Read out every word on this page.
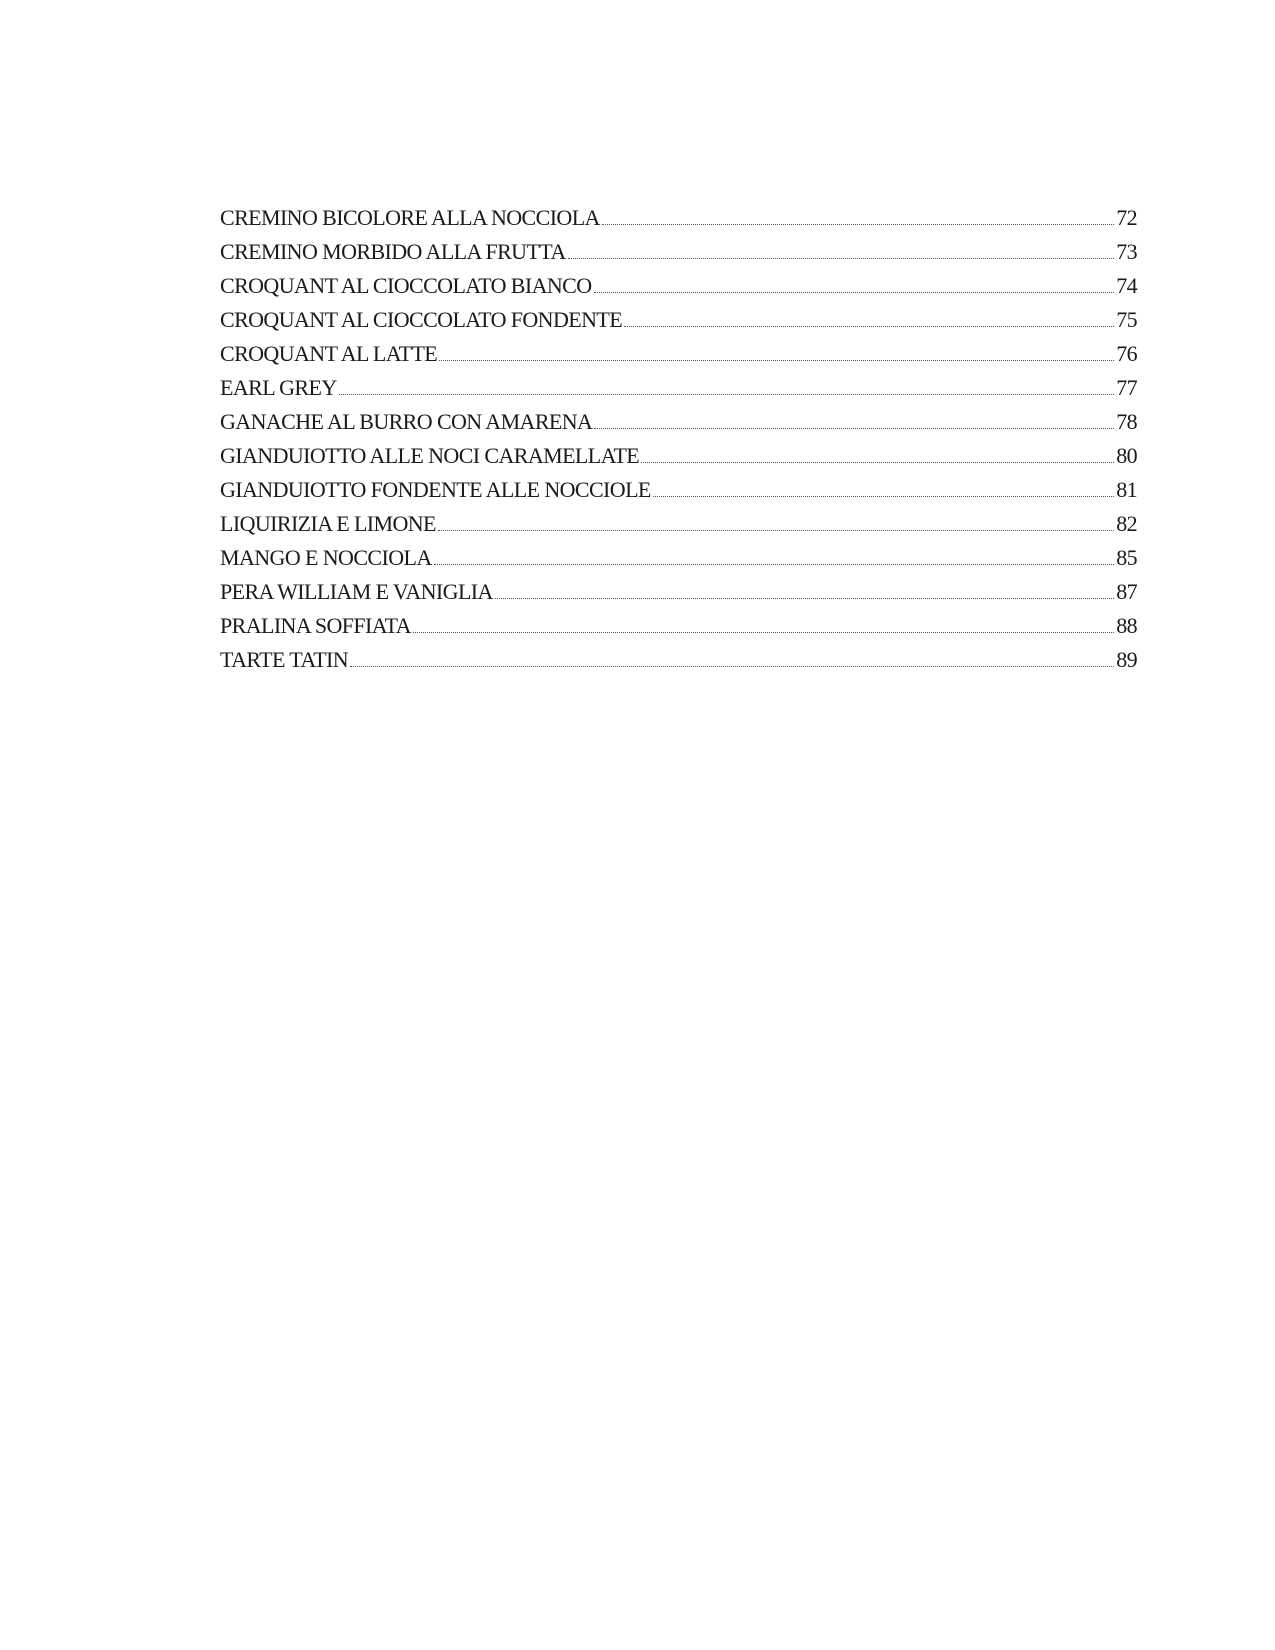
CREMINO BICOLORE ALLA NOCCIOLA	72
CREMINO MORBIDO ALLA FRUTTA	73
CROQUANT AL CIOCCOLATO BIANCO	74
CROQUANT AL CIOCCOLATO FONDENTE	75
CROQUANT AL LATTE	76
EARL GREY	77
GANACHE AL BURRO CON AMARENA	78
GIANDUIOTTO ALLE NOCI CARAMELLATE	80
GIANDUIOTTO FONDENTE ALLE NOCCIOLE	81
LIQUIRIZIA E LIMONE	82
MANGO E NOCCIOLA	85
PERA WILLIAM E VANIGLIA	87
PRALINA SOFFIATA	88
TARTE TATIN	89
